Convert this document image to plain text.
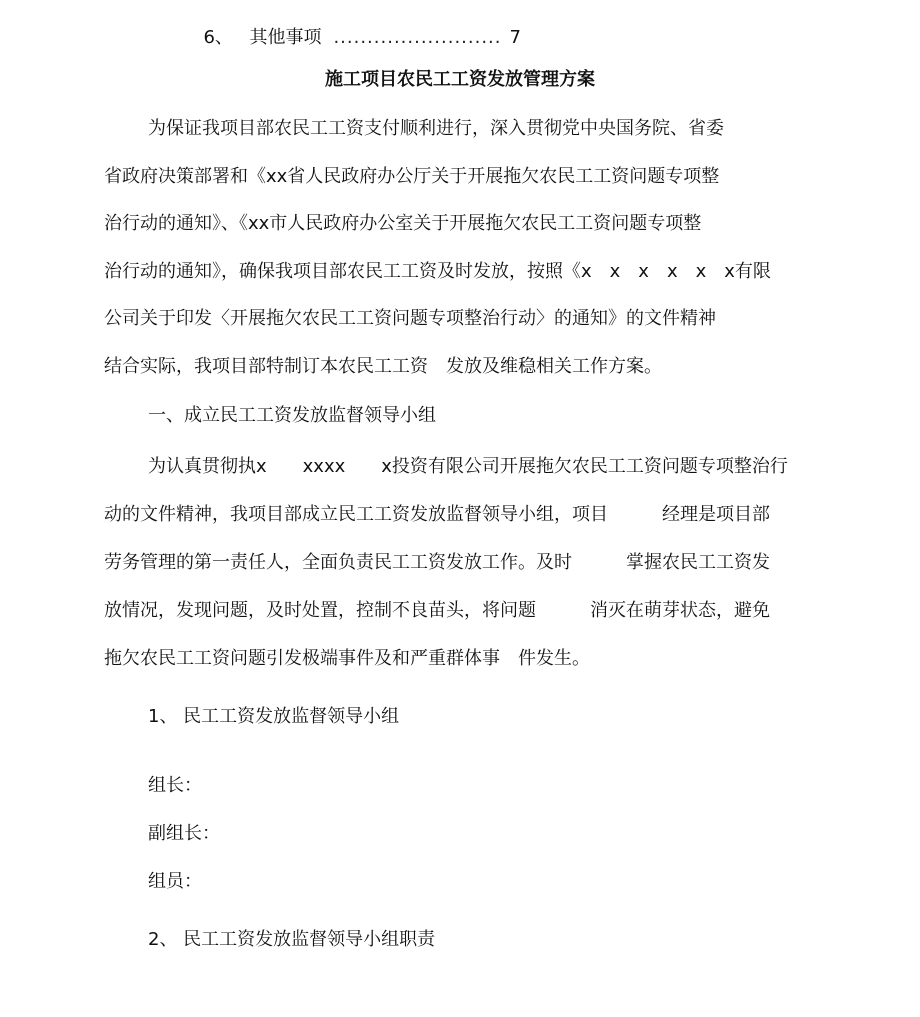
6、 其他事项 ......................... 7

施工项目农民工工资发放管理方案

为保证我项目部农民工工资支付顺利进行，深入贯彻党中央国务院、省委

省政府决策部署和《xx省人民政府办公厅关于开展拖欠农民工工资问题专项整

治行动的通知》、《xx市人民政府办公室关于开展拖欠农民工工资问题专项整

治行动的通知》，确保我项目部农民工工资及时发放，按照《x　x　x　x　x　x有限

公司关于印发〈开展拖欠农民工工资问题专项整治行动〉的通知》的文件精神

结合实际，我项目部特制订本农民工工资　发放及维稳相关工作方案。

一、成立民工工资发放监督领导小组

为认真贯彻执x　　xxxx　　x投资有限公司开展拖欠农民工工资问题专项整治行

动的文件精神，我项目部成立民工工资发放监督领导小组，项目　　　经理是项目部

劳务管理的第一责任人，全面负责民工工资发放工作。及时　　　掌握农民工工资发

放情况，发现问题，及时处置，控制不良苗头，将问题　　　消灭在萌芽状态，避免

拖欠农民工工资问题引发极端事件及和严重群体事　件发生。

1、 民工工资发放监督领导小组

组长：

副组长：

组员：

2、 民工工资发放监督领导小组职责
